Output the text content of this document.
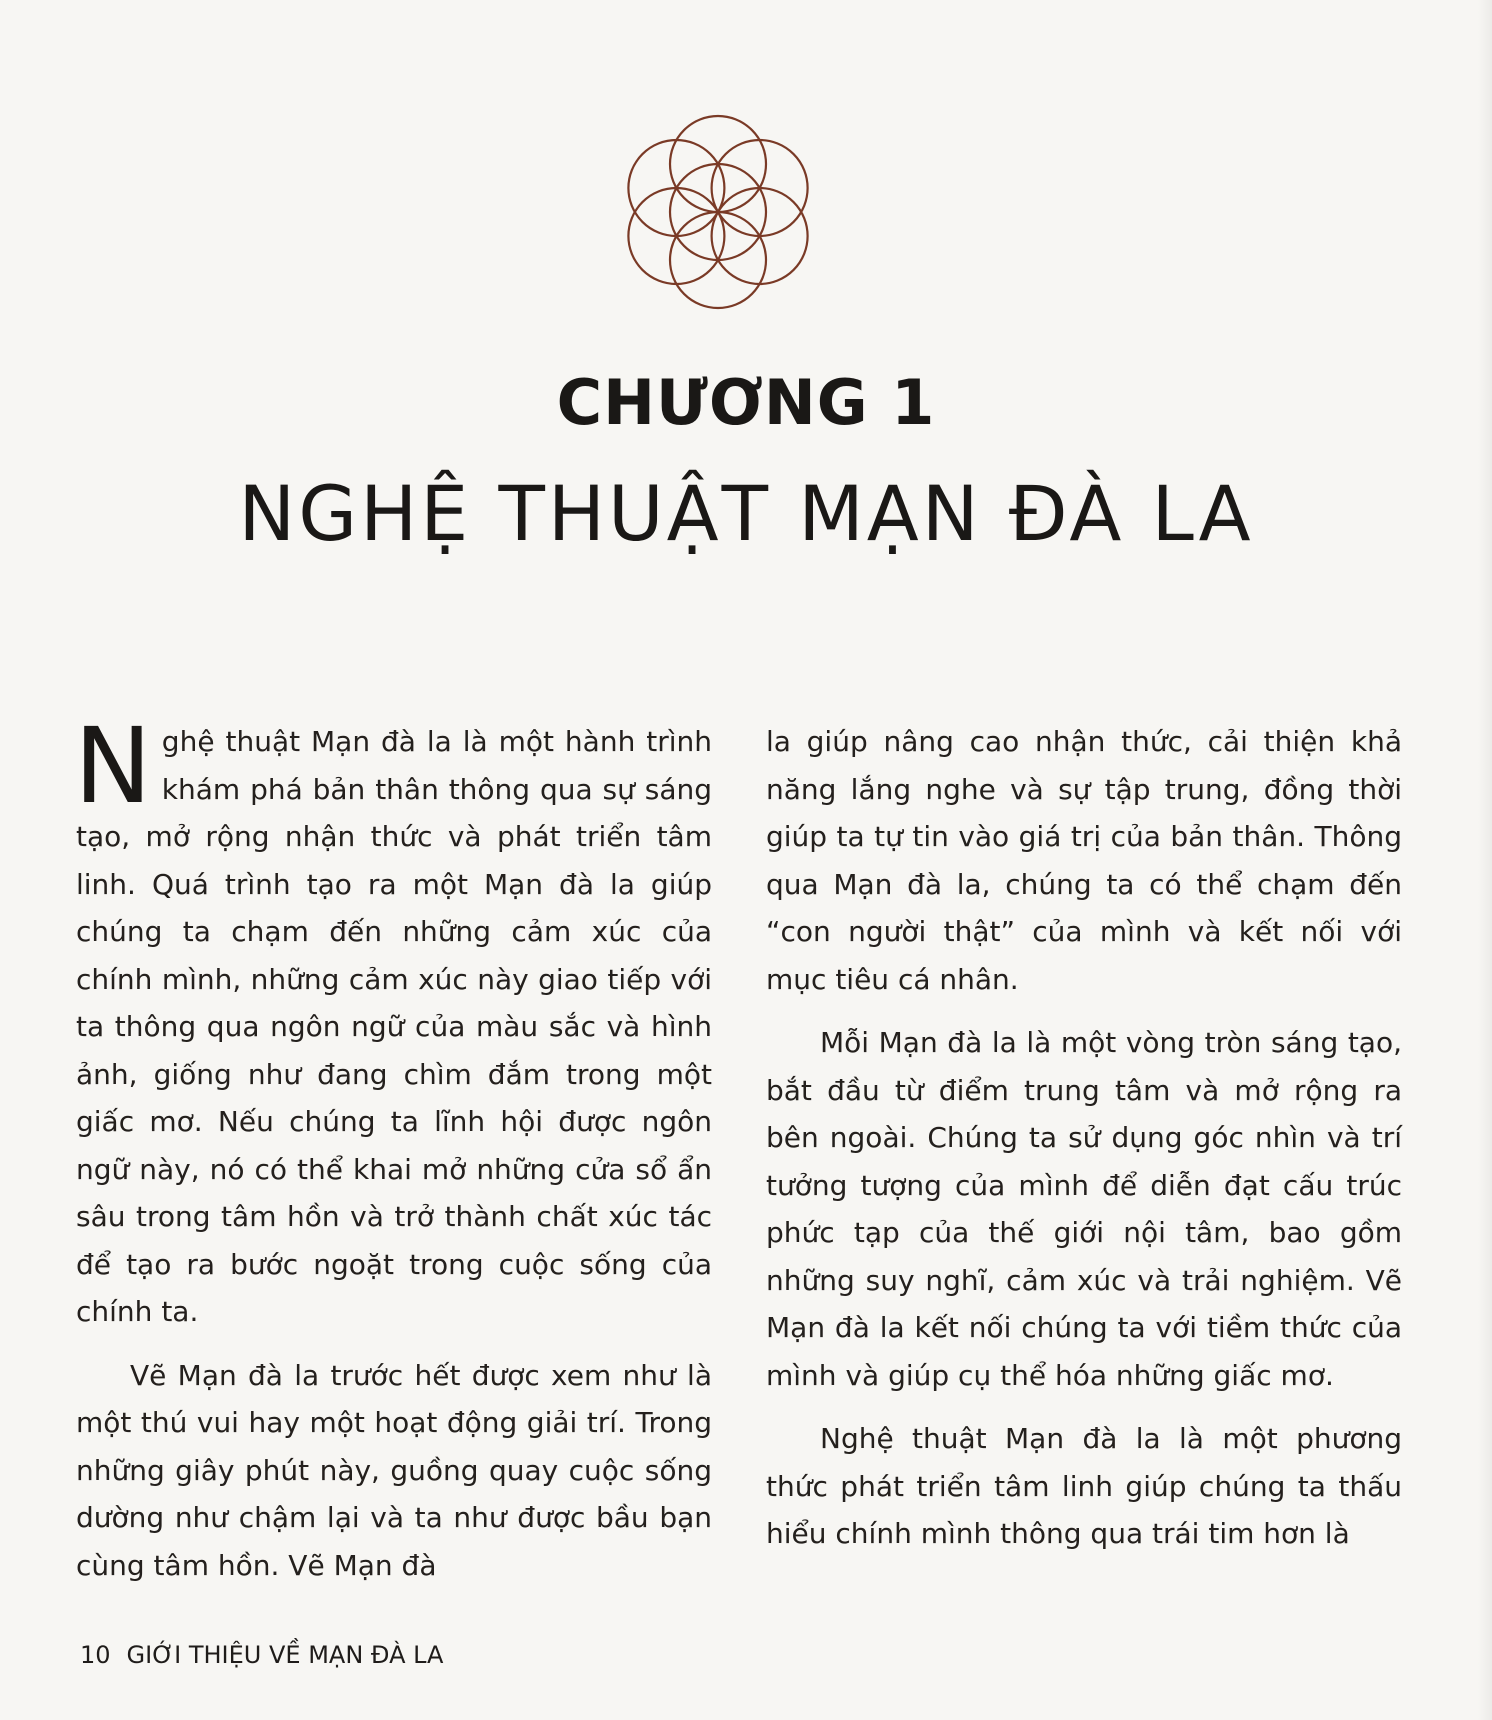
CHƯƠNG 1
NGHỆ THUẬT MẠN ĐÀ LA

Nghệ thuật Mạn đà la là một hành trình khám phá bản thân thông qua sự sáng tạo, mở rộng nhận thức và phát triển tâm linh. Quá trình tạo ra một Mạn đà la giúp chúng ta chạm đến những cảm xúc của chính mình, những cảm xúc này giao tiếp với ta thông qua ngôn ngữ của màu sắc và hình ảnh, giống như đang chìm đắm trong một giấc mơ. Nếu chúng ta lĩnh hội được ngôn ngữ này, nó có thể khai mở những cửa sổ ẩn sâu trong tâm hồn và trở thành chất xúc tác để tạo ra bước ngoặt trong cuộc sống của chính ta.

Vẽ Mạn đà la trước hết được xem như là một thú vui hay một hoạt động giải trí. Trong những giây phút này, guồng quay cuộc sống dường như chậm lại và ta như được bầu bạn cùng tâm hồn. Vẽ Mạn đà

la giúp nâng cao nhận thức, cải thiện khả năng lắng nghe và sự tập trung, đồng thời giúp ta tự tin vào giá trị của bản thân. Thông qua Mạn đà la, chúng ta có thể chạm đến “con người thật” của mình và kết nối với mục tiêu cá nhân.

Mỗi Mạn đà la là một vòng tròn sáng tạo, bắt đầu từ điểm trung tâm và mở rộng ra bên ngoài. Chúng ta sử dụng góc nhìn và trí tưởng tượng của mình để diễn đạt cấu trúc phức tạp của thế giới nội tâm, bao gồm những suy nghĩ, cảm xúc và trải nghiệm. Vẽ Mạn đà la kết nối chúng ta với tiềm thức của mình và giúp cụ thể hóa những giấc mơ.

Nghệ thuật Mạn đà la là một phương thức phát triển tâm linh giúp chúng ta thấu hiểu chính mình thông qua trái tim hơn là

10 GIỚI THIỆU VỀ MẠN ĐÀ LA
